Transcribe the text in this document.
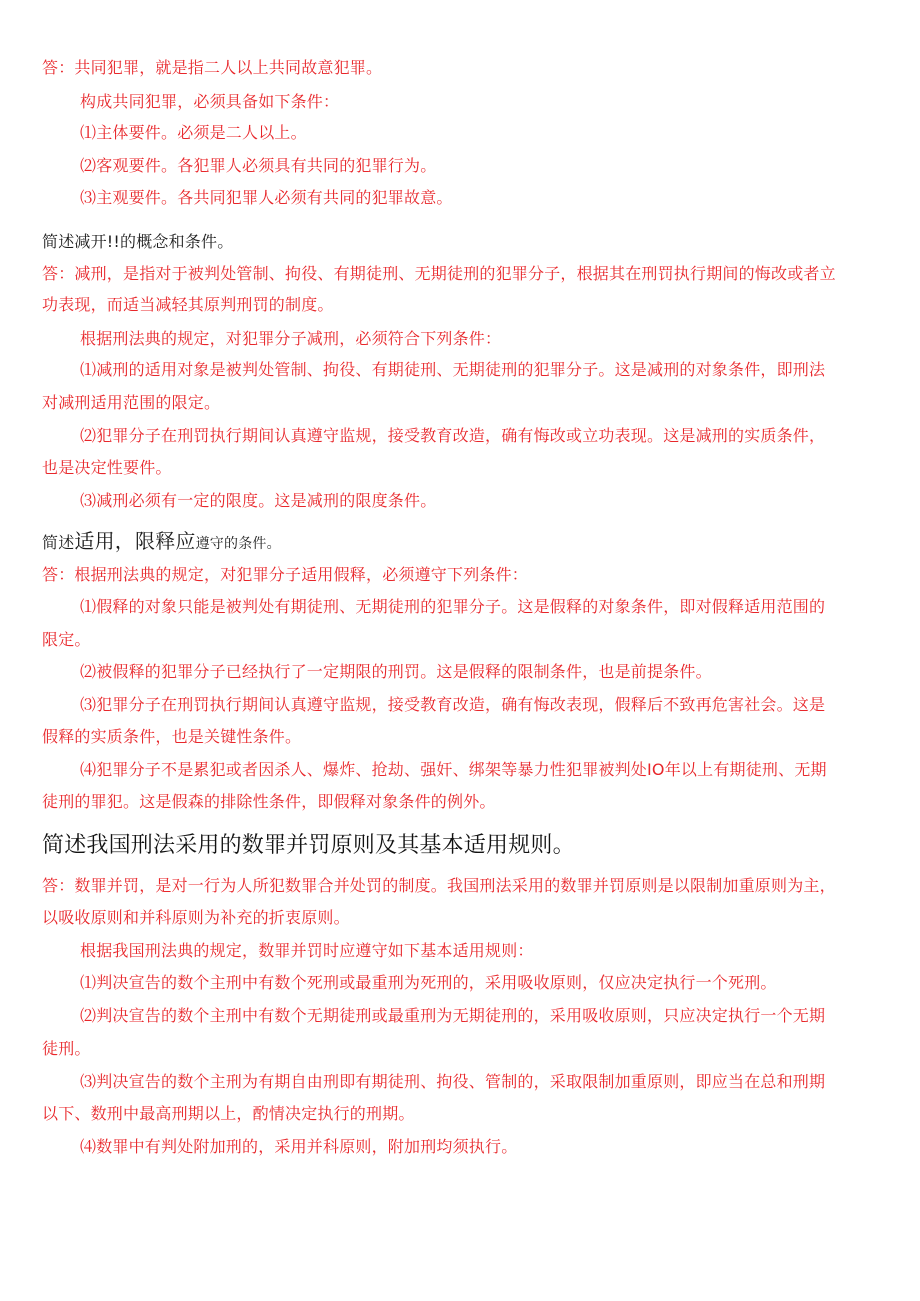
答：共同犯罪，就是指二人以上共同故意犯罪。
构成共同犯罪，必须具备如下条件：
⑴主体要件。必须是二人以上。
⑵客观要件。各犯罪人必须具有共同的犯罪行为。
⑶主观要件。各共同犯罪人必须有共同的犯罪故意。
简述减开!!的概念和条件。
答：减刑，是指对于被判处管制、拘役、有期徒刑、无期徒刑的犯罪分子，根据其在刑罚执行期间的悔改或者立
功表现，而适当减轻其原判刑罚的制度。
根据刑法典的规定，对犯罪分子减刑，必须符合下列条件：
⑴减刑的适用对象是被判处管制、拘役、有期徒刑、无期徒刑的犯罪分子。这是减刑的对象条件，即刑法
对减刑适用范围的限定。
⑵犯罪分子在刑罚执行期间认真遵守监规，接受教育改造，确有悔改或立功表现。这是减刑的实质条件，
也是决定性要件。
⑶减刑必须有一定的限度。这是减刑的限度条件。
简述适用，限释应遵守的条件。
答：根据刑法典的规定，对犯罪分子适用假释，必须遵守下列条件：
⑴假释的对象只能是被判处有期徒刑、无期徒刑的犯罪分子。这是假释的对象条件，即对假释适用范围的
限定。
⑵被假释的犯罪分子已经执行了一定期限的刑罚。这是假释的限制条件，也是前提条件。
⑶犯罪分子在刑罚执行期间认真遵守监规，接受教育改造，确有悔改表现，假释后不致再危害社会。这是
假释的实质条件，也是关键性条件。
⑷犯罪分子不是累犯或者因杀人、爆炸、抢劫、强奸、绑架等暴力性犯罪被判处IO年以上有期徒刑、无期
徒刑的罪犯。这是假森的排除性条件，即假释对象条件的例外。
简述我国刑法采用的数罪并罚原则及其基本适用规则。
答：数罪并罚，是对一行为人所犯数罪合并处罚的制度。我国刑法采用的数罪并罚原则是以限制加重原则为主，
以吸收原则和并科原则为补充的折衷原则。
根据我国刑法典的规定，数罪并罚时应遵守如下基本适用规则：
⑴判决宣告的数个主刑中有数个死刑或最重刑为死刑的，采用吸收原则，仅应决定执行一个死刑。
⑵判决宣告的数个主刑中有数个无期徒刑或最重刑为无期徒刑的，采用吸收原则，只应决定执行一个无期
徒刑。
⑶判决宣告的数个主刑为有期自由刑即有期徒刑、拘役、管制的，采取限制加重原则，即应当在总和刑期
以下、数刑中最高刑期以上，酌情决定执行的刑期。
⑷数罪中有判处附加刑的，采用并科原则，附加刑均须执行。
